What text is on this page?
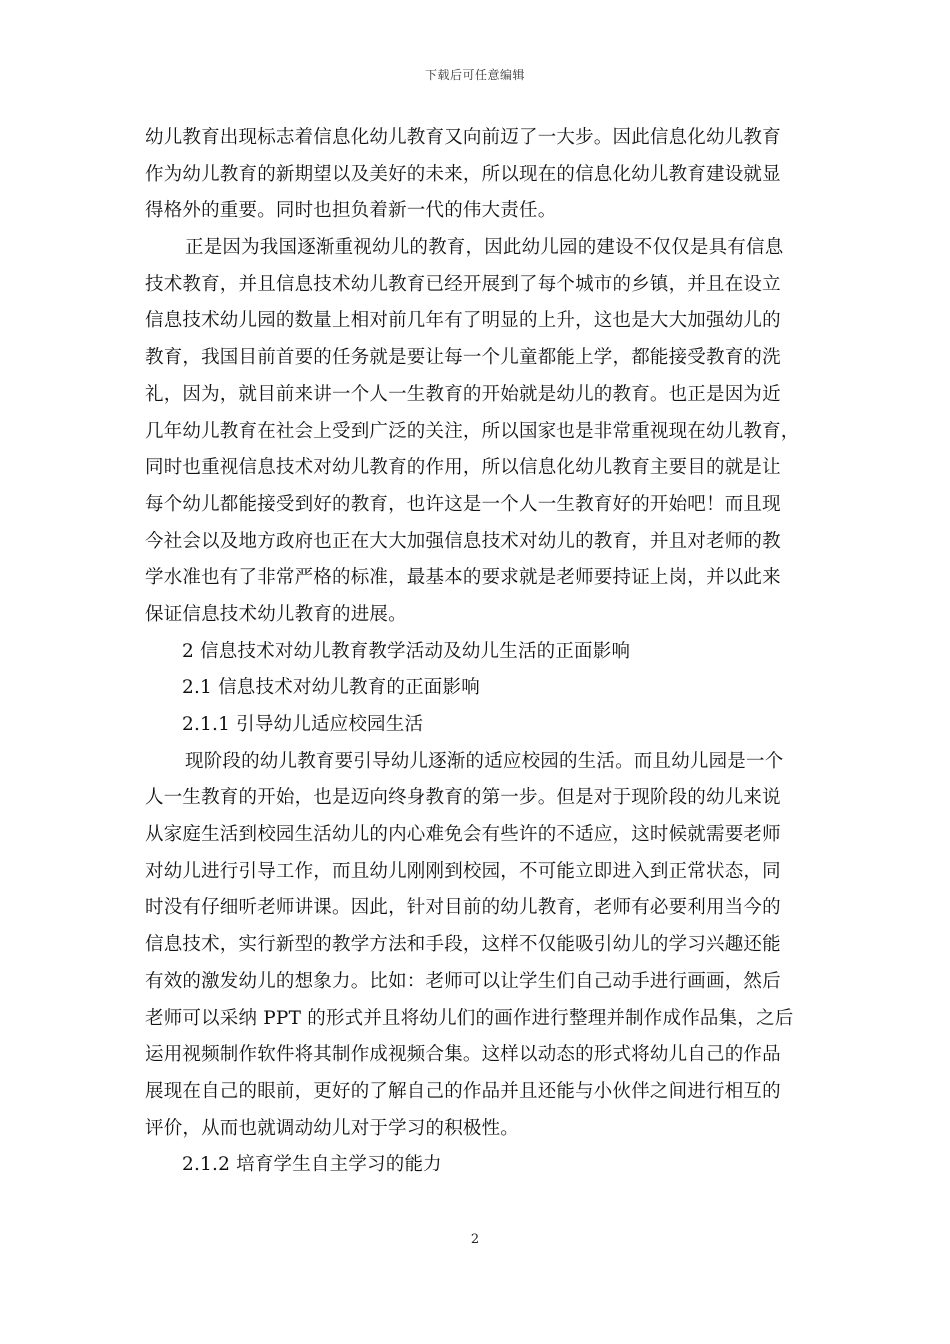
下载后可任意编辑
幼儿教育出现标志着信息化幼儿教育又向前迈了一大步。因此信息化幼儿教育
作为幼儿教育的新期望以及美好的未来，所以现在的信息化幼儿教育建设就显
得格外的重要。同时也担负着新一代的伟大责任。
正是因为我国逐渐重视幼儿的教育，因此幼儿园的建设不仅仅是具有信息
技术教育，并且信息技术幼儿教育已经开展到了每个城市的乡镇，并且在设立
信息技术幼儿园的数量上相对前几年有了明显的上升，这也是大大加强幼儿的
教育，我国目前首要的任务就是要让每一个儿童都能上学，都能接受教育的洗
礼，因为，就目前来讲一个人一生教育的开始就是幼儿的教育。也正是因为近
几年幼儿教育在社会上受到广泛的关注，所以国家也是非常重视现在幼儿教育，
同时也重视信息技术对幼儿教育的作用，所以信息化幼儿教育主要目的就是让
每个幼儿都能接受到好的教育，也许这是一个人一生教育好的开始吧！而且现
今社会以及地方政府也正在大大加强信息技术对幼儿的教育，并且对老师的教
学水准也有了非常严格的标准，最基本的要求就是老师要持证上岗，并以此来
保证信息技术幼儿教育的进展。
2 信息技术对幼儿教育教学活动及幼儿生活的正面影响
2.1 信息技术对幼儿教育的正面影响
2.1.1 引导幼儿适应校园生活
现阶段的幼儿教育要引导幼儿逐渐的适应校园的生活。而且幼儿园是一个
人一生教育的开始，也是迈向终身教育的第一步。但是对于现阶段的幼儿来说
从家庭生活到校园生活幼儿的内心难免会有些许的不适应，这时候就需要老师
对幼儿进行引导工作，而且幼儿刚刚到校园，不可能立即进入到正常状态，同
时没有仔细听老师讲课。因此，针对目前的幼儿教育，老师有必要利用当今的
信息技术，实行新型的教学方法和手段，这样不仅能吸引幼儿的学习兴趣还能
有效的激发幼儿的想象力。比如：老师可以让学生们自己动手进行画画，然后
老师可以采纳 PPT 的形式并且将幼儿们的画作进行整理并制作成作品集，之后
运用视频制作软件将其制作成视频合集。这样以动态的形式将幼儿自己的作品
展现在自己的眼前，更好的了解自己的作品并且还能与小伙伴之间进行相互的
评价，从而也就调动幼儿对于学习的积极性。
2.1.2 培育学生自主学习的能力
2
